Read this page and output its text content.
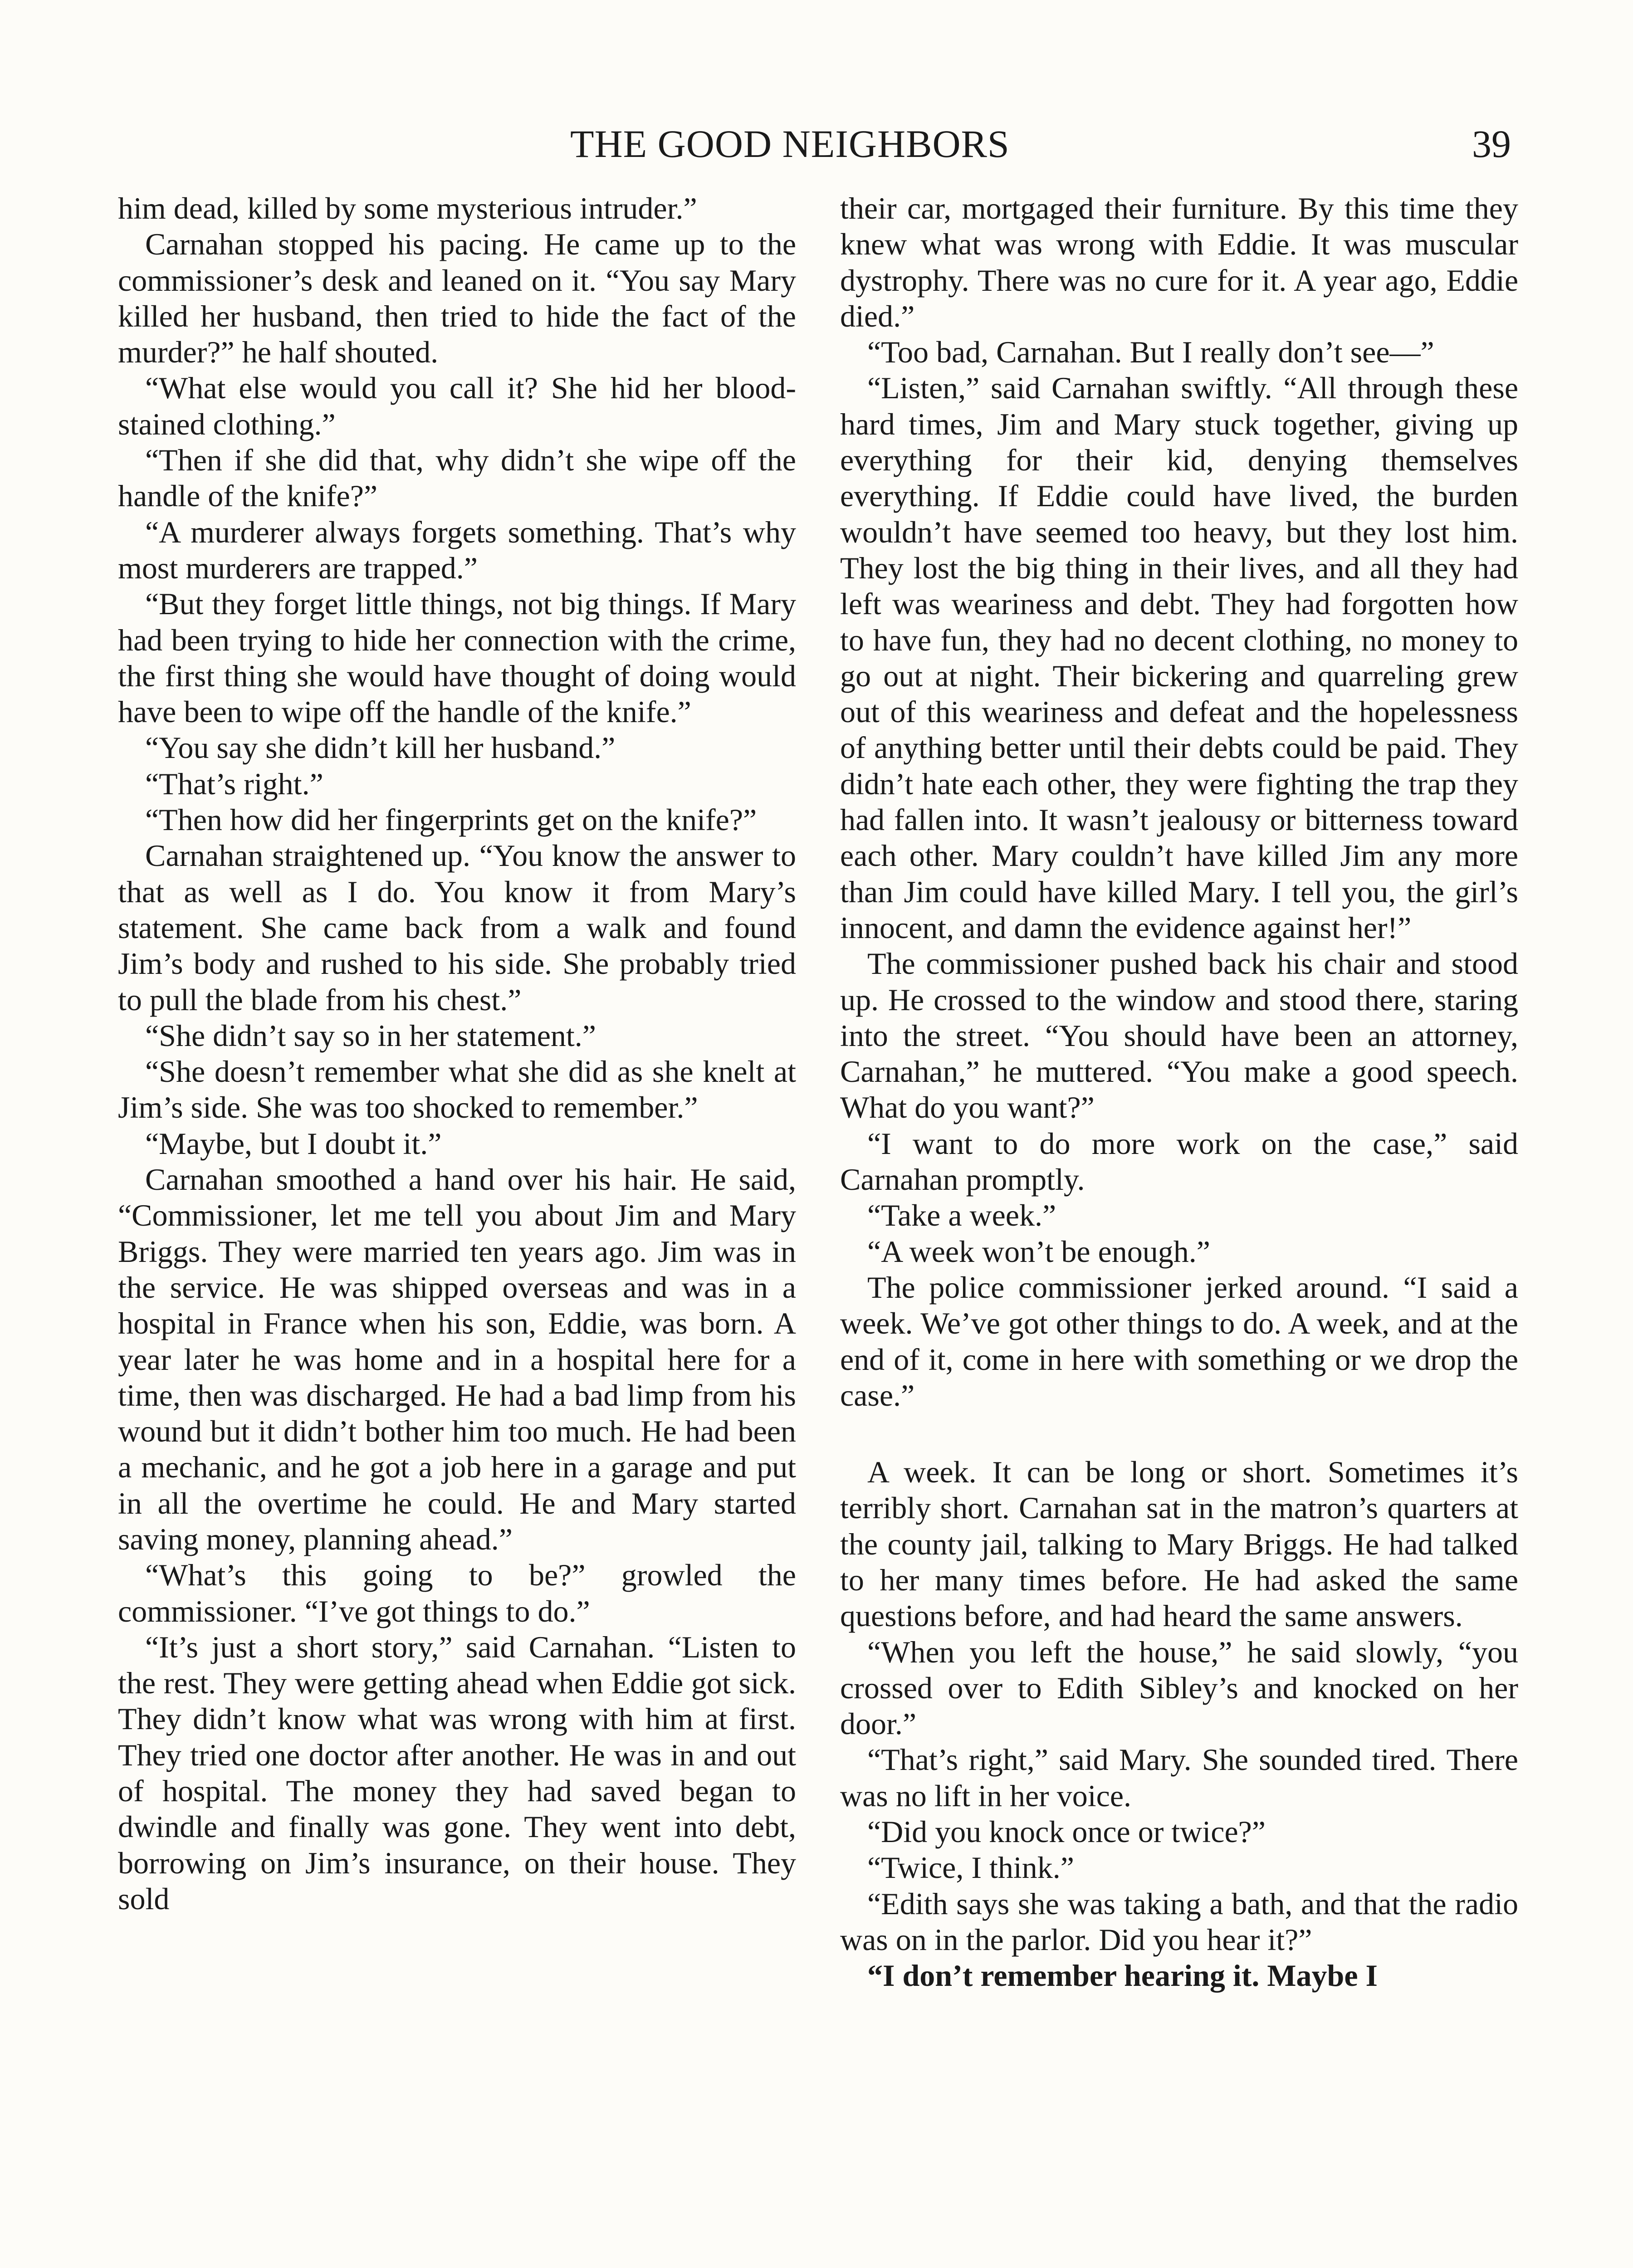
THE GOOD NEIGHBORS	39

him dead, killed by some mysterious intruder.”

Carnahan stopped his pacing. He came up to the commissioner’s desk and leaned on it. “You say Mary killed her husband, then tried to hide the fact of the murder?” he half shouted.

“What else would you call it? She hid her blood-stained clothing.”

“Then if she did that, why didn’t she wipe off the handle of the knife?”

“A murderer always forgets something. That’s why most murderers are trapped.”

“But they forget little things, not big things. If Mary had been trying to hide her connection with the crime, the first thing she would have thought of doing would have been to wipe off the handle of the knife.”

“You say she didn’t kill her husband.”

“That’s right.”

“Then how did her fingerprints get on the knife?”

Carnahan straightened up. “You know the answer to that as well as I do. You know it from Mary’s statement. She came back from a walk and found Jim’s body and rushed to his side. She probably tried to pull the blade from his chest.”

“She didn’t say so in her statement.”

“She doesn’t remember what she did as she knelt at Jim’s side. She was too shocked to remember.”

“Maybe, but I doubt it.”

Carnahan smoothed a hand over his hair. He said, “Commissioner, let me tell you about Jim and Mary Briggs. They were married ten years ago. Jim was in the service. He was shipped overseas and was in a hospital in France when his son, Eddie, was born. A year later he was home and in a hospital here for a time, then was discharged. He had a bad limp from his wound but it didn’t bother him too much. He had been a mechanic, and he got a job here in a garage and put in all the overtime he could. He and Mary started saving money, planning ahead.”

“What’s this going to be?” growled the commissioner. “I’ve got things to do.”

“It’s just a short story,” said Carnahan. “Listen to the rest. They were getting ahead when Eddie got sick. They didn’t know what was wrong with him at first. They tried one doctor after another. He was in and out of hospital. The money they had saved began to dwindle and finally was gone. They went into debt, borrowing on Jim’s insurance, on their house. They sold

their car, mortgaged their furniture. By this time they knew what was wrong with Eddie. It was muscular dystrophy. There was no cure for it. A year ago, Eddie died.”

“Too bad, Carnahan. But I really don’t see—”

“Listen,” said Carnahan swiftly. “All through these hard times, Jim and Mary stuck together, giving up everything for their kid, denying themselves everything. If Eddie could have lived, the burden wouldn’t have seemed too heavy, but they lost him. They lost the big thing in their lives, and all they had left was weariness and debt. They had forgotten how to have fun, they had no decent clothing, no money to go out at night. Their bickering and quarreling grew out of this weariness and defeat and the hopelessness of anything better until their debts could be paid. They didn’t hate each other, they were fighting the trap they had fallen into. It wasn’t jealousy or bitterness toward each other. Mary couldn’t have killed Jim any more than Jim could have killed Mary. I tell you, the girl’s innocent, and damn the evidence against her!”

The commissioner pushed back his chair and stood up. He crossed to the window and stood there, staring into the street. “You should have been an attorney, Carnahan,” he muttered. “You make a good speech. What do you want?”

“I want to do more work on the case,” said Carnahan promptly.

“Take a week.”

“A week won’t be enough.”

The police commissioner jerked around. “I said a week. We’ve got other things to do. A week, and at the end of it, come in here with something or we drop the case.”

A week. It can be long or short. Sometimes it’s terribly short. Carnahan sat in the matron’s quarters at the county jail, talking to Mary Briggs. He had talked to her many times before. He had asked the same questions before, and had heard the same answers.

“When you left the house,” he said slowly, “you crossed over to Edith Sibley’s and knocked on her door.”

“That’s right,” said Mary. She sounded tired. There was no lift in her voice.

“Did you knock once or twice?”

“Twice, I think.”

“Edith says she was taking a bath, and that the radio was on in the parlor. Did you hear it?”

“I don’t remember hearing it. Maybe I
